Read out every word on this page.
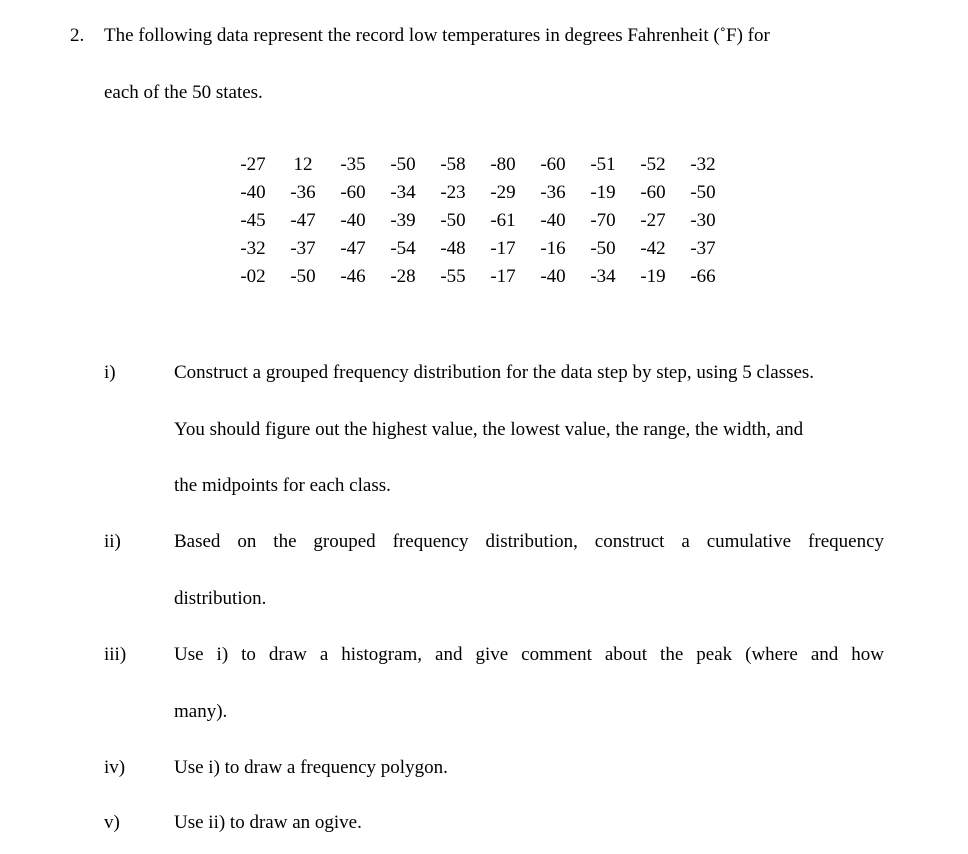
2. The following data represent the record low temperatures in degrees Fahrenheit (˚F) for
each of the 50 states.
-27	12	-35	-50	-58	-80	-60	-51	-52	-32
-40	-36	-60	-34	-23	-29	-36	-19	-60	-50
-45	-47	-40	-39	-50	-61	-40	-70	-27	-30
-32	-37	-47	-54	-48	-17	-16	-50	-42	-37
-02	-50	-46	-28	-55	-17	-40	-34	-19	-66
i)	Construct a grouped frequency distribution for the data step by step, using 5 classes.
You should figure out the highest value, the lowest value, the range, the width, and
the midpoints for each class.
ii)	Based on the grouped frequency distribution, construct a cumulative frequency
distribution.
iii)	Use i) to draw a histogram, and give comment about the peak (where and how
many).
iv)	Use i) to draw a frequency polygon.
v)	Use ii) to draw an ogive.
